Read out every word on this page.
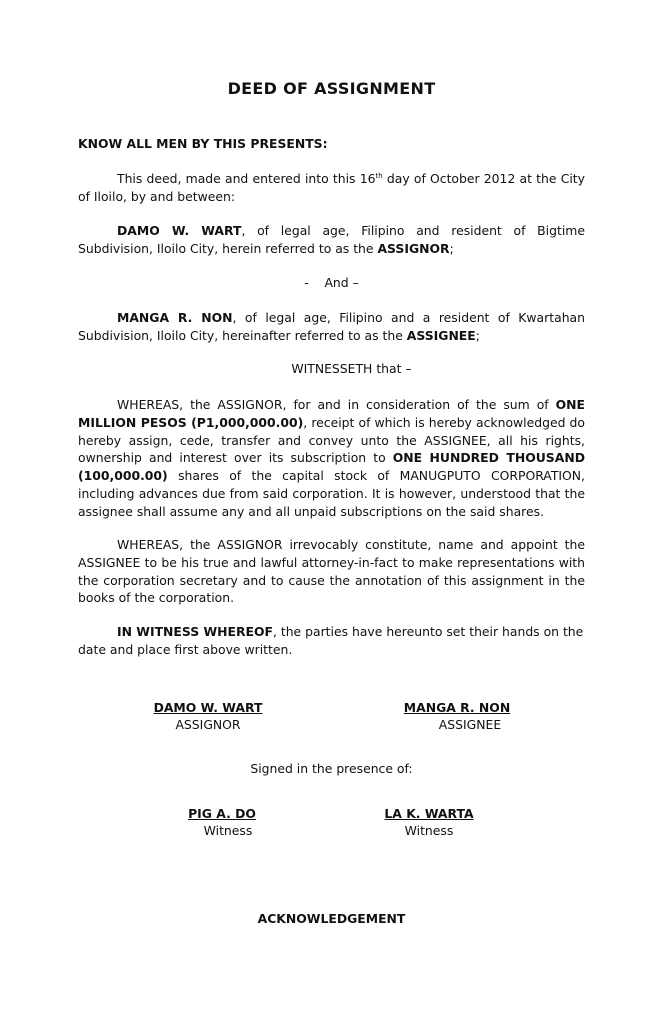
DEED OF ASSIGNMENT
KNOW ALL MEN BY THIS PRESENTS:
This deed, made and entered into this 16th day of October 2012 at the City of Iloilo, by and between:
DAMO W. WART, of legal age, Filipino and resident of Bigtime Subdivision, Iloilo City, herein referred to as the ASSIGNOR;
-    And –
MANGA R. NON, of legal age, Filipino and a resident of Kwartahan Subdivision, Iloilo City, hereinafter referred to as the ASSIGNEE;
WITNESSETH that –
WHEREAS, the ASSIGNOR, for and in consideration of the sum of ONE MILLION PESOS (P1,000,000.00), receipt of which is hereby acknowledged do hereby assign, cede, transfer and convey unto the ASSIGNEE, all his rights, ownership and interest over its subscription to ONE HUNDRED THOUSAND (100,000.00) shares of the capital stock of MANUGPUTO CORPORATION, including advances due from said corporation. It is however, understood that the assignee shall assume any and all unpaid subscriptions on the said shares.
WHEREAS, the ASSIGNOR irrevocably constitute, name and appoint the ASSIGNEE to be his true and lawful attorney-in-fact to make representations with the corporation secretary and to cause the annotation of this assignment in the books of the corporation.
IN WITNESS WHEREOF, the parties have hereunto set their hands on the date and place first above written.
DAMO W. WART
ASSIGNOR
MANGA R. NON
ASSIGNEE
Signed in the presence of:
PIG A. DO
Witness
LA K. WARTA
Witness
ACKNOWLEDGEMENT
